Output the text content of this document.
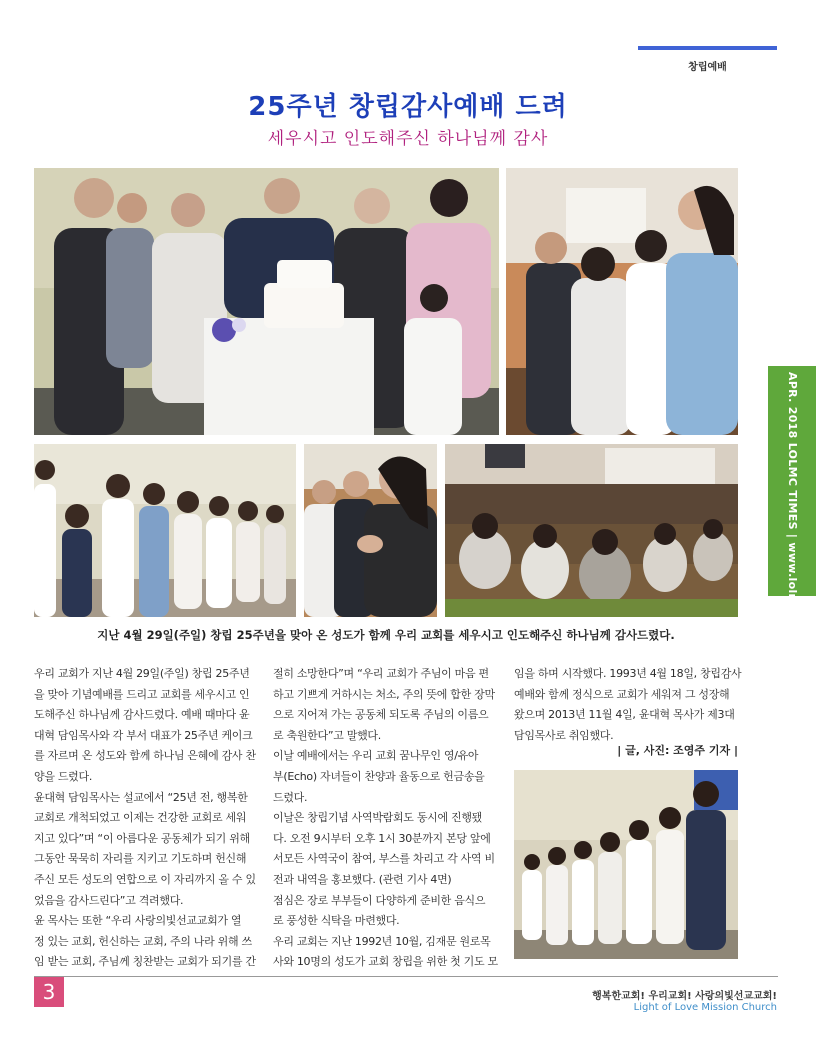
창립예배
25주년 창립감사예배 드려
세우시고 인도해주신 하나님께 감사
지난 4월 29일(주일) 창립 25주년을 맞아 온 성도가 함께 우리 교회를 세우시고 인도해주신 하나님께 감사드렸다.

우리 교회가 지난 4월 29일(주일) 창립 25주년

을 맞아 기념예배를 드리고 교회를 세우시고 인

도해주신 하나님께 감사드렸다. 예배 때마다 윤

대혁 담임목사와 각 부서 대표가 25주년 케이크

를 자르며 온 성도와 함께 하나님 은혜에 감사 찬

양을 드렸다.

윤대혁 담임목사는 설교에서 “25년 전, 행복한

교회로 개척되었고 이제는 건강한 교회로 세워

지고 있다”며 “이 아름다운 공동체가 되기 위해

그동안 묵묵히 자리를 지키고 기도하며 헌신해

주신 모든 성도의 연합으로 이 자리까지 올 수 있

었음을 감사드린다”고 격려했다.

윤 목사는 또한 “우리 사랑의빛선교교회가 열

정 있는 교회, 헌신하는 교회, 주의 나라 위해 쓰

임 받는 교회, 주님께 칭찬받는 교회가 되기를 간

절히 소망한다”며 “우리 교회가 주님이 마음 편

하고 기쁘게 거하시는 처소, 주의 뜻에 합한 장막

으로 지어져 가는 공동체 되도록 주님의 이름으

로 축원한다”고 말했다.

이날 예배에서는 우리 교회 꿈나무인 영/유아

부(Echo) 자녀들이 찬양과 율동으로 헌금송을

드렸다.

이날은 창립기념 사역박람회도 동시에 진행됐

다. 오전 9시부터 오후 1시 30분까지 본당 앞에

서모든 사역국이 참여, 부스를 차리고 각 사역 비

전과 내역을 홍보했다. (관련 기사 4면)

점심은 장로 부부들이 다양하게 준비한 음식으

로 풍성한 식탁을 마련했다.

우리 교회는 지난 1992년 10월, 김재문 원로목

사와 10명의 성도가 교회 창립을 위한 첫 기도 모

임을 하며 시작했다. 1993년 4월 18일, 창립감사

예배와 함께 정식으로 교회가 세워져 그 성장해

왔으며 2013년 11월 4일, 윤대혁 목사가 제3대

담임목사로 취임했다.

| 글, 사진: 조영주 기자 |
APR. 2018 LOLMC TIMES | www.lolmc.org
3	행복한교회! 우리교회! 사랑의빛선교교회!
Light of Love Mission Church
